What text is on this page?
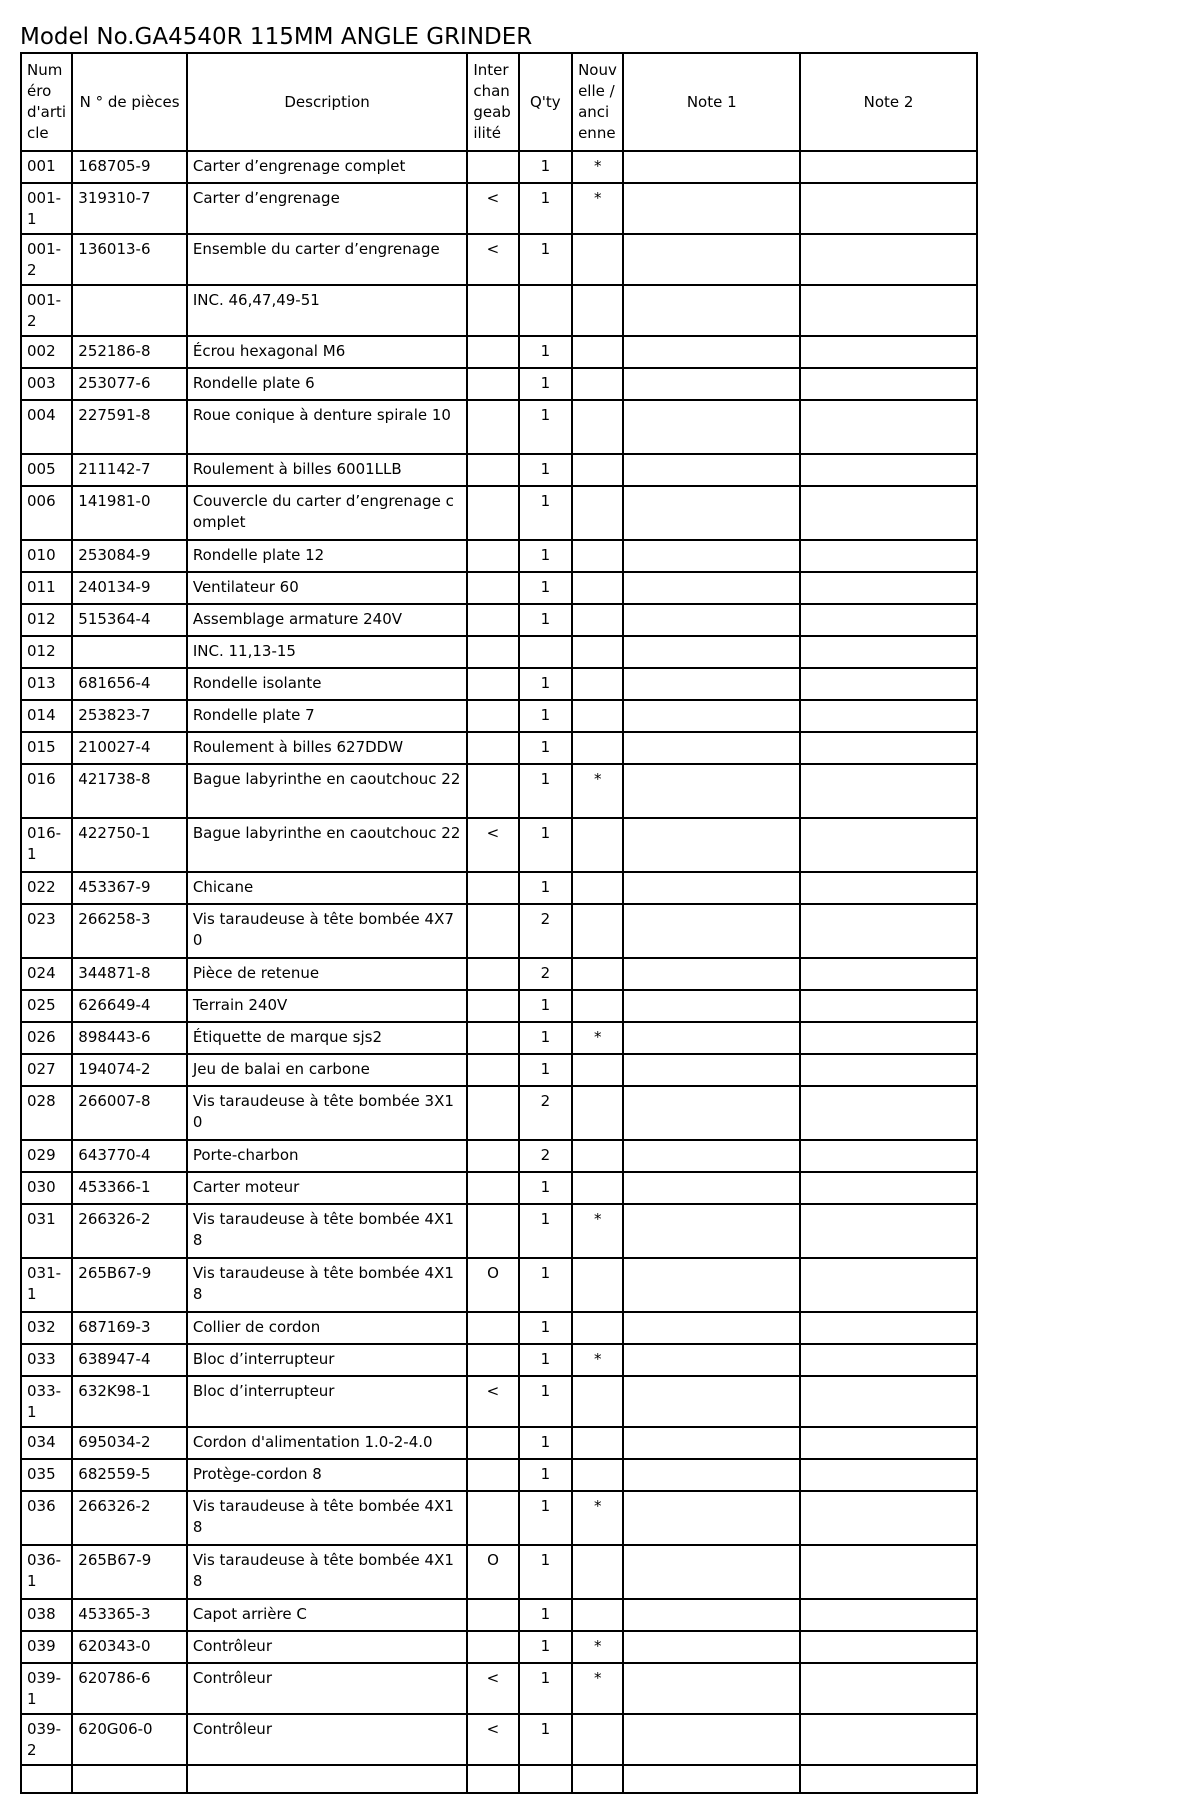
Model No.GA4540R 115MM ANGLE GRINDER
Numéro d'article	N ° de pièces	Description	Interchangeabilité	Q'ty	Nouvelle / ancienne	Note 1	Note 2
001	168705-9	Carter d’engrenage complet		1	*		
001-1	319310-7	Carter d’engrenage	<	1	*		
001-2	136013-6	Ensemble du carter d’engrenage	<	1			
001-2		INC. 46,47,49-51					
002	252186-8	Écrou hexagonal M6		1			
003	253077-6	Rondelle plate 6		1			
004	227591-8	Roue conique à denture spirale 10		1			
005	211142-7	Roulement à billes 6001LLB		1			
006	141981-0	Couvercle du carter d’engrenage complet		1			
010	253084-9	Rondelle plate 12		1			
011	240134-9	Ventilateur 60		1			
012	515364-4	Assemblage armature 240V		1			
012		INC. 11,13-15					
013	681656-4	Rondelle isolante		1			
014	253823-7	Rondelle plate 7		1			
015	210027-4	Roulement à billes 627DDW		1			
016	421738-8	Bague labyrinthe en caoutchouc 22		1	*		
016-1	422750-1	Bague labyrinthe en caoutchouc 22	<	1			
022	453367-9	Chicane		1			
023	266258-3	Vis taraudeuse à tête bombée 4X70		2			
024	344871-8	Pièce de retenue		2			
025	626649-4	Terrain 240V		1			
026	898443-6	Étiquette de marque sjs2		1	*		
027	194074-2	Jeu de balai en carbone		1			
028	266007-8	Vis taraudeuse à tête bombée 3X10		2			
029	643770-4	Porte-charbon		2			
030	453366-1	Carter moteur		1			
031	266326-2	Vis taraudeuse à tête bombée 4X18		1	*		
031-1	265B67-9	Vis taraudeuse à tête bombée 4X18	O	1			
032	687169-3	Collier de cordon		1			
033	638947-4	Bloc d’interrupteur		1	*		
033-1	632K98-1	Bloc d’interrupteur	<	1			
034	695034-2	Cordon d'alimentation 1.0-2-4.0		1			
035	682559-5	Protège-cordon 8		1			
036	266326-2	Vis taraudeuse à tête bombée 4X18		1	*		
036-1	265B67-9	Vis taraudeuse à tête bombée 4X18	O	1			
038	453365-3	Capot arrière C		1			
039	620343-0	Contrôleur		1	*		
039-1	620786-6	Contrôleur	<	1	*		
039-2	620G06-0	Contrôleur	<	1			
